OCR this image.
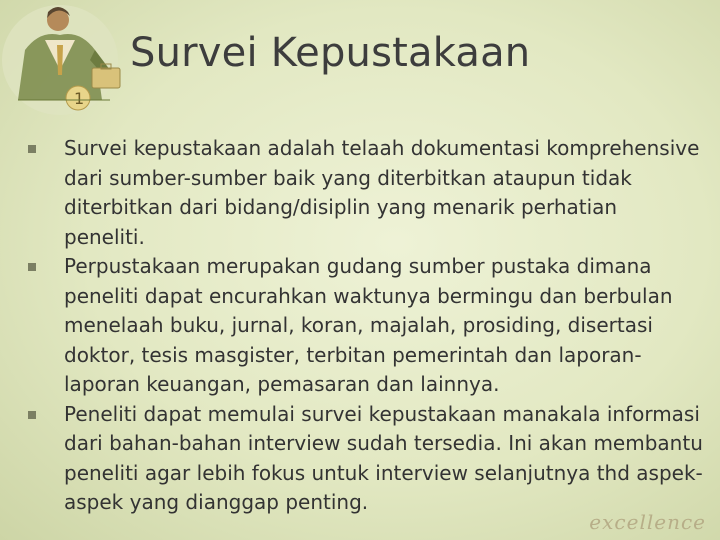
1
Survei Kepustakaan
Survei kepustakaan adalah telaah dokumentasi komprehensive dari sumber-sumber baik yang diterbitkan ataupun tidak diterbitkan dari bidang/disiplin yang menarik perhatian peneliti.
Perpustakaan merupakan gudang sumber pustaka dimana peneliti dapat encurahkan waktunya bermingu dan berbulan menelaah buku, jurnal, koran, majalah, prosiding, disertasi doktor, tesis masgister, terbitan pemerintah dan laporan-laporan keuangan, pemasaran dan lainnya.
Peneliti dapat memulai survei kepustakaan manakala informasi dari bahan-bahan interview sudah tersedia. Ini akan membantu peneliti agar lebih fokus untuk interview selanjutnya thd aspek-aspek yang dianggap penting.
excellence
